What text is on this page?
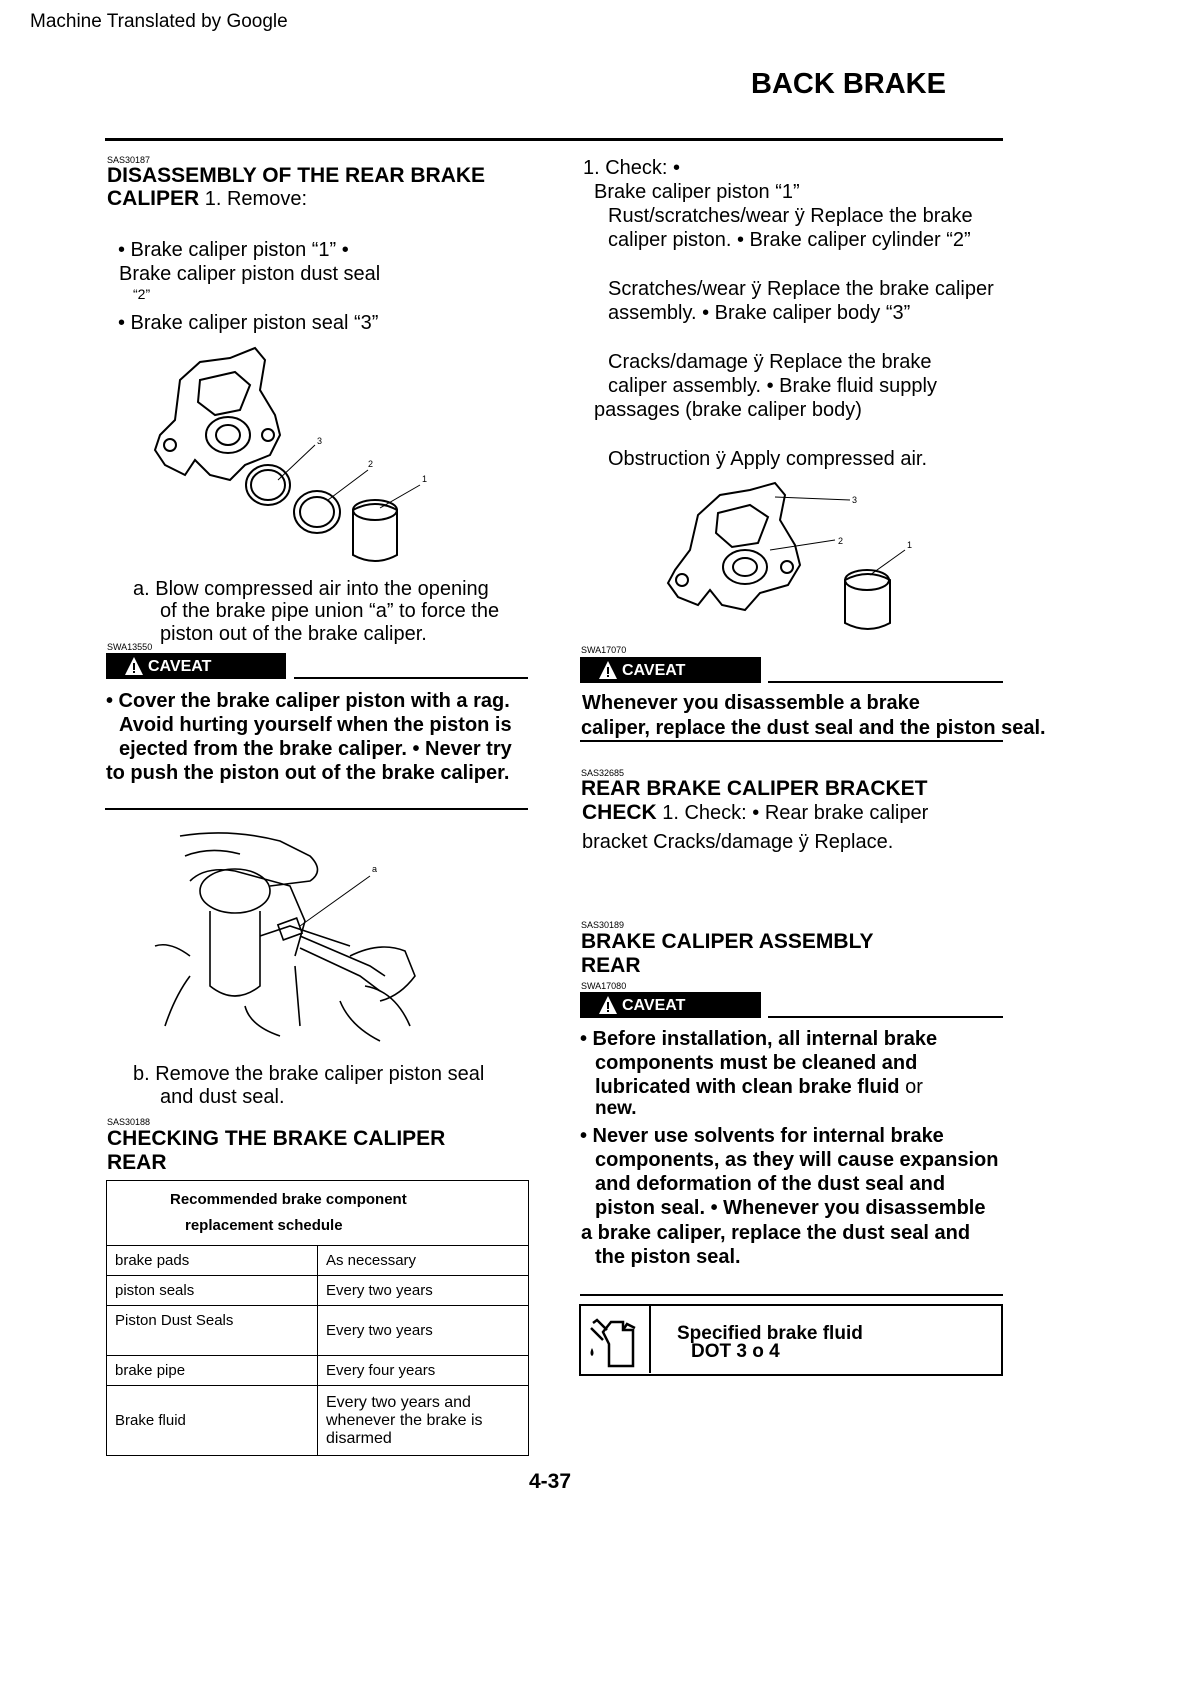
Machine Translated by Google
BACK BRAKE
SAS30187
DISASSEMBLY OF THE REAR BRAKE
CALIPER 1. Remove:
• Brake caliper piston “1” •
Brake caliper piston dust seal
“2”
• Brake caliper piston seal “3”
3
2
1
a. Blow compressed air into the opening
of the brake pipe union “a” to force the
piston out of the brake caliper.
SWA13550
CAVEAT
• Cover the brake caliper piston with a rag.
Avoid hurting yourself when the piston is
ejected from the brake caliper. • Never try
to push the piston out of the brake caliper.
a
b. Remove the brake caliper piston seal
and dust seal.
SAS30188
CHECKING THE BRAKE CALIPER
REAR
Recommended brake component
replacement schedule	

brake pads	As necessary
piston seals	Every two years
Piston Dust Seals	Every two years
brake pipe	Every four years
Brake fluid	Every two years and
whenever the brake is
disarmed
1. Check: •
Brake caliper piston “1”
Rust/scratches/wear ÿ Replace the brake
caliper piston. • Brake caliper cylinder “2”
Scratches/wear ÿ Replace the brake caliper
assembly. • Brake caliper body “3”
Cracks/damage ÿ Replace the brake
caliper assembly. • Brake fluid supply
passages (brake caliper body)
Obstruction ÿ Apply compressed air.
3
2	1
SWA17070
CAVEAT
Whenever you disassemble a brake
caliper, replace the dust seal and the piston seal.
SAS32685
REAR BRAKE CALIPER BRACKET
CHECK 1. Check: • Rear brake caliper
bracket Cracks/damage ÿ Replace.
SAS30189
BRAKE CALIPER ASSEMBLY
REAR
SWA17080
CAVEAT
• Before installation, all internal brake
components must be cleaned and
lubricated with clean brake fluid or
new.
• Never use solvents for internal brake
components, as they will cause expansion
and deformation of the dust seal and
piston seal. • Whenever you disassemble
a brake caliper, replace the dust seal and
the piston seal.
Specified brake fluid
DOT 3 o 4
4-37
